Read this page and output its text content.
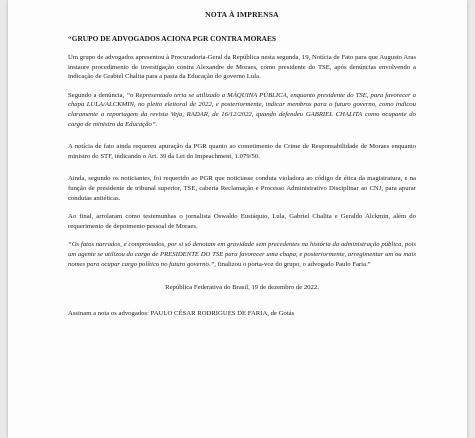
NOTA À IMPRENSA
“GRUPO DE ADVOGADOS ACIONA PGR CONTRA MORAES

Um grupo de advogados apresentou à Procuradoria-Geral da República nesta segunda, 19, Notícia de Fato para que Augusto Aras instaure procedimento de investigação contra Alexandre de Moraes, como presidente do TSE, após denúncias envolvendo a indicação de Grabiel Chalita para a pasta da Educação do governo Lula.

Segundo a denúncia, “o Representado teria se utilizado a MÁQUINA PÚBLICA, enquanto presidente do TSE, para favorecer a chapa LULA/ALCKMIN, no pleito eleitoral de 2022, e posteriormente, indicar membros para o futuro governo, como indicou claramente a reportagem da revista Veja, RADAR, de 16/12/2022, quando defendeu GABRIEL CHALITA como ocupante do cargo de ministro da Educação”.

A notícia de fato ainda requereu apuração da PGR quanto ao cometimento de Crime de Responsabilidade de Moraes enquanto ministro do STF, indicando o Art. 39 da Lei do Impeachment, 1.079/50.

Ainda, segundo os noticiantes, foi requerido ao PGR que noticiasse conduta violadora ao código de ética da magistratura, e na função de presidente de tribunal superior, TSE, caberia Reclamação e Processo Administrativo Disciplinar ao CNJ, para apurar condutas antiéticas.

Ao final, arrolaram como testemunhas o jornalista Oswaldo Eustáquio, Lula, Gabriel Chalita e Geraldo Alckmin, além do requerimento de depoimento pessoal de Moraes.

“Os fatos narrados, e comprovados, por si só denotam em gravidade sem precedentes na história da administração pública, pois um agente se utilizou do cargo de PRESIDENTE DO TSE para favorecer uma chapa, e posteriormente, arregimentar um ou mais nomes para ocupar cargo político no futuro governo.”, finalizou o porta-voz do grupo, o advogado Paulo Faria.”

República Federativa do Brasil, 19 de dezembro de 2022.

Assinam a nota os advogados: PAULO CÉSAR RODRIGUES DE FARIA, de Goiás
